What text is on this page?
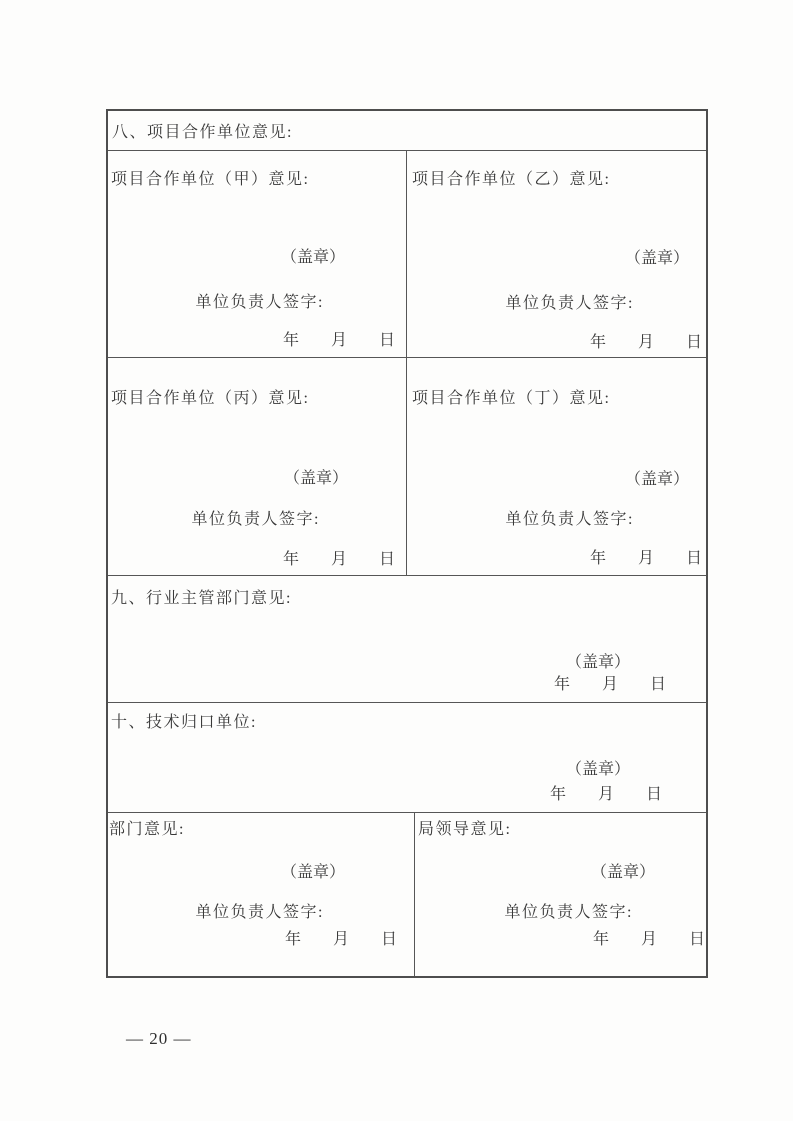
八、项目合作单位意见:
项目合作单位（甲）意见:
（盖章）
单位负责人签字:
年　　月　　日
项目合作单位（乙）意见:
（盖章）
单位负责人签字:
年　　月　　日
项目合作单位（丙）意见:
（盖章）
单位负责人签字:
年　　月　　日
项目合作单位（丁）意见:
（盖章）
单位负责人签字:
年　　月　　日
九、行业主管部门意见:
（盖章）
年　　月　　日
十、技术归口单位:
（盖章）
年　　月　　日
部门意见:
（盖章）
单位负责人签字:
年　　月　　日
局领导意见:
（盖章）
单位负责人签字:
年　　月　　日
— 20 —
